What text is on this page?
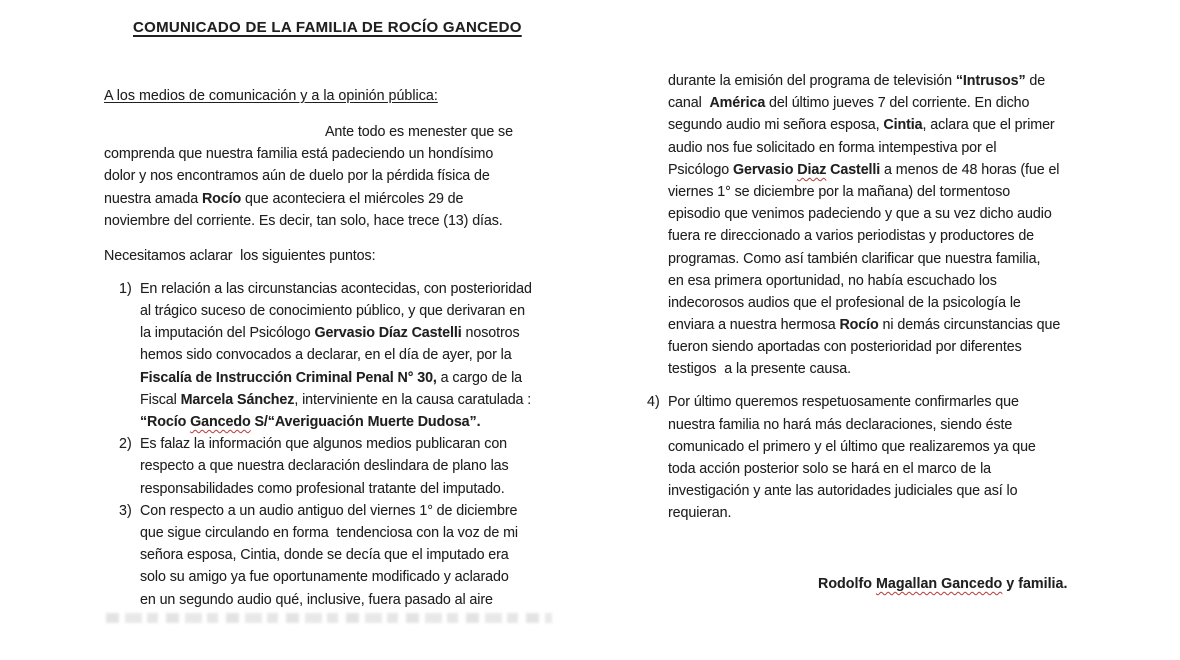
COMUNICADO DE LA FAMILIA DE ROCÍO GANCEDO
A los medios de comunicación y a la opinión pública:
Ante todo es menester que se
comprenda que nuestra familia está padeciendo un hondísimo
dolor y nos encontramos aún de duelo por la pérdida física de
nuestra amada Rocío que aconteciera el miércoles 29 de
noviembre del corriente. Es decir, tan solo, hace trece (13) días.
Necesitamos aclarar  los siguientes puntos:
1) En relación a las circunstancias acontecidas, con posterioridad
al trágico suceso de conocimiento público, y que derivaran en
la imputación del Psicólogo Gervasio Díaz Castelli nosotros
hemos sido convocados a declarar, en el día de ayer, por la
Fiscalía de Instrucción Criminal Penal N° 30, a cargo de la
Fiscal Marcela Sánchez, interviniente en la causa caratulada :
“Rocío Gancedo S/“Averiguación Muerte Dudosa”.
2) Es falaz la información que algunos medios publicaran con
respecto a que nuestra declaración deslindara de plano las
responsabilidades como profesional tratante del imputado.
3) Con respecto a un audio antiguo del viernes 1° de diciembre
que sigue circulando en forma  tendenciosa con la voz de mi
señora esposa, Cintia, donde se decía que el imputado era
solo su amigo ya fue oportunamente modificado y aclarado
en un segundo audio qué, inclusive, fuera pasado al aire
durante la emisión del programa de televisión “Intrusos” de
canal  América del último jueves 7 del corriente. En dicho
segundo audio mi señora esposa, Cintia, aclara que el primer
audio nos fue solicitado en forma intempestiva por el
Psicólogo Gervasio Diaz Castelli a menos de 48 horas (fue el
viernes 1° se diciembre por la mañana) del tormentoso
episodio que venimos padeciendo y que a su vez dicho audio
fuera re direccionado a varios periodistas y productores de
programas. Como así también clarificar que nuestra familia,
en esa primera oportunidad, no había escuchado los
indecorosos audios que el profesional de la psicología le
enviara a nuestra hermosa Rocío ni demás circunstancias que
fueron siendo aportadas con posterioridad por diferentes
testigos  a la presente causa.
4) Por último queremos respetuosamente confirmarles que
nuestra familia no hará más declaraciones, siendo éste
comunicado el primero y el último que realizaremos ya que
toda acción posterior solo se hará en el marco de la
investigación y ante las autoridades judiciales que así lo
requieran.
Rodolfo Magallan Gancedo y familia.
